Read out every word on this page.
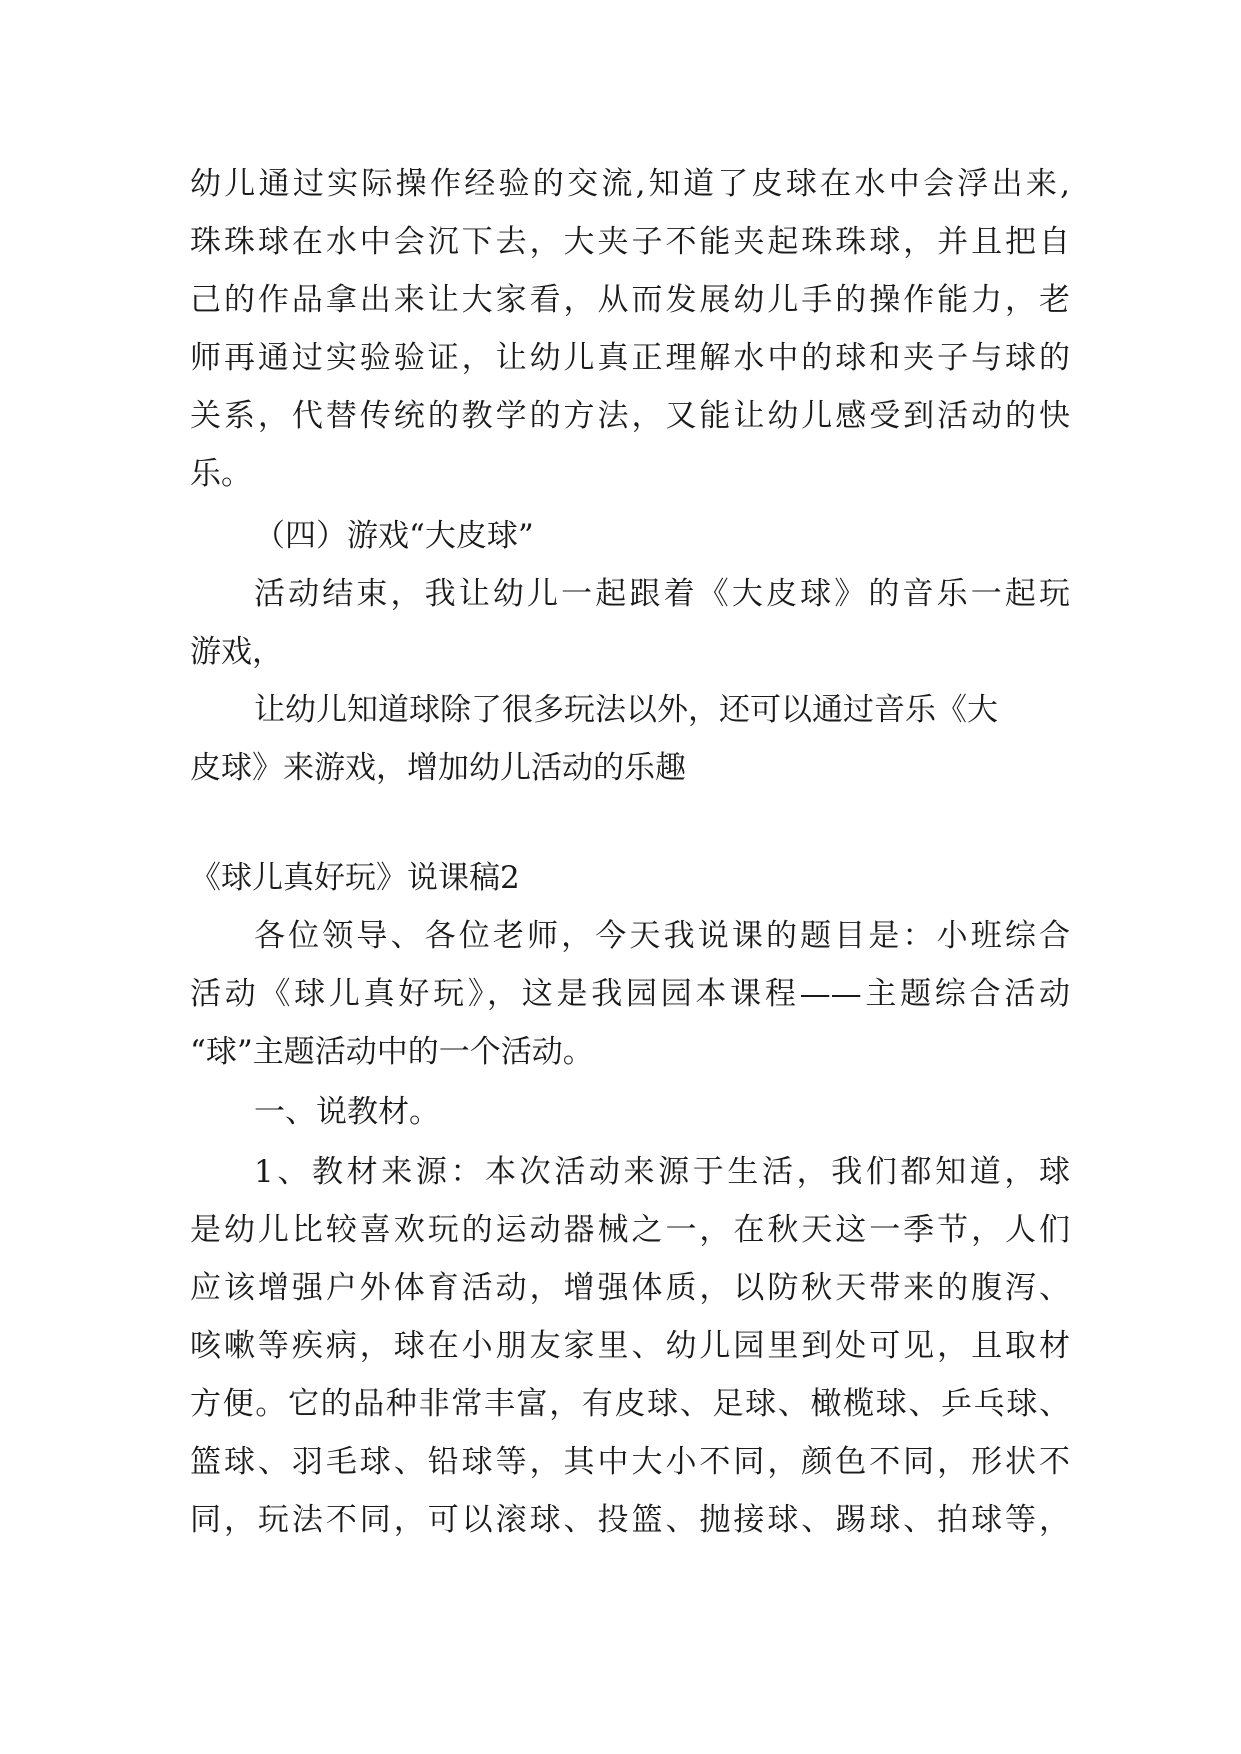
幼儿通过实际操作经验的交流,知道了皮球在水中会浮出来,
珠珠球在水中会沉下去，大夹子不能夹起珠珠球，并且把自
己的作品拿出来让大家看，从而发展幼儿手的操作能力，老
师再通过实验验证，让幼儿真正理解水中的球和夹子与球的
关系，代替传统的教学的方法，又能让幼儿感受到活动的快
乐。
（四）游戏“大皮球”
活动结束，我让幼儿一起跟着《大皮球》的音乐一起玩
游戏，
让幼儿知道球除了很多玩法以外，还可以通过音乐《大
皮球》来游戏，增加幼儿活动的乐趣
《球儿真好玩》说课稿2
各位领导、各位老师，今天我说课的题目是：小班综合
活动《球儿真好玩》，这是我园园本课程——主题综合活动
“球”主题活动中的一个活动。
一、说教材。
1、教材来源：本次活动来源于生活，我们都知道，球
是幼儿比较喜欢玩的运动器械之一，在秋天这一季节，人们
应该增强户外体育活动，增强体质，以防秋天带来的腹泻、
咳嗽等疾病，球在小朋友家里、幼儿园里到处可见，且取材
方便。它的品种非常丰富，有皮球、足球、橄榄球、乒乓球、
篮球、羽毛球、铅球等，其中大小不同，颜色不同，形状不
同，玩法不同，可以滚球、投篮、抛接球、踢球、拍球等，
